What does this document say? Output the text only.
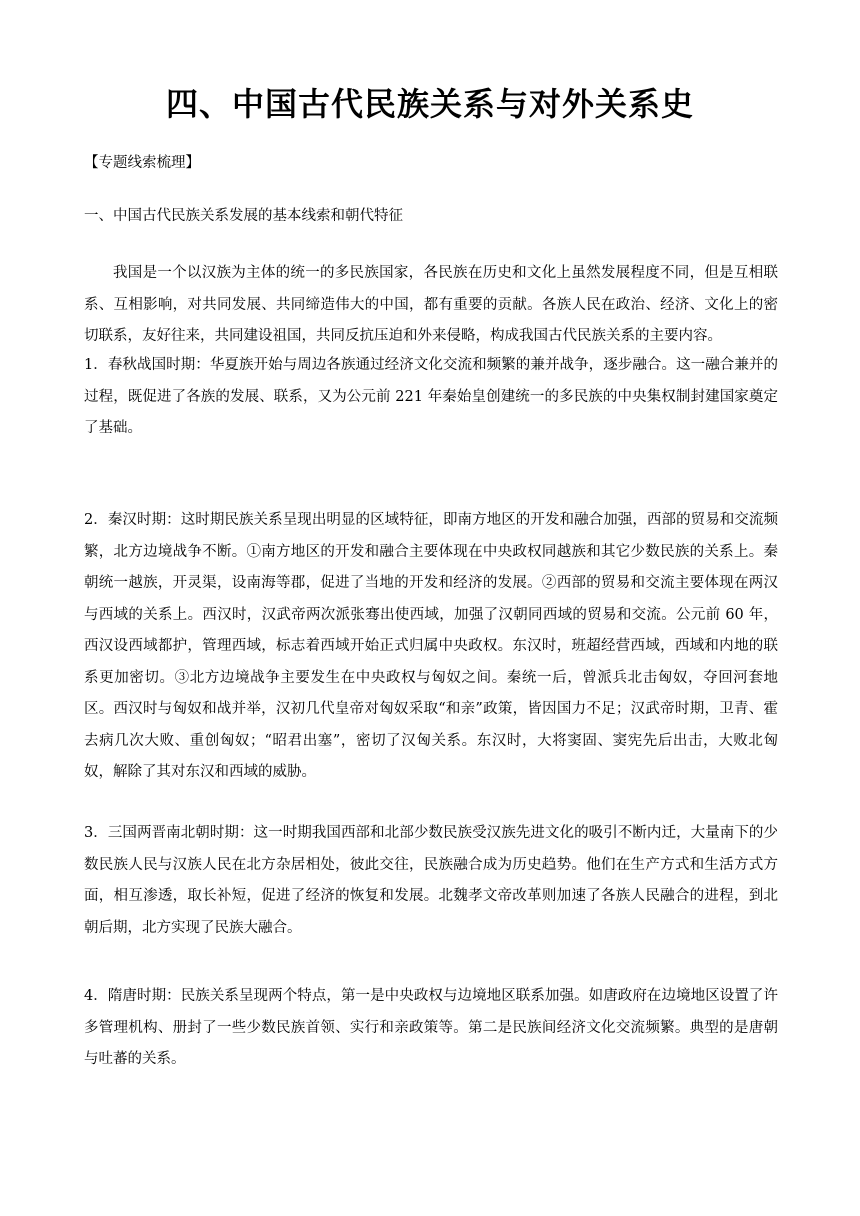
四、中国古代民族关系与对外关系史

【专题线索梳理】

一、中国古代民族关系发展的基本线索和朝代特征

我国是一个以汉族为主体的统一的多民族国家，各民族在历史和文化上虽然发展程度不同，但是互相联系、互相影响，对共同发展、共同缔造伟大的中国，都有重要的贡献。各族人民在政治、经济、文化上的密切联系，友好往来，共同建设祖国，共同反抗压迫和外来侵略，构成我国古代民族关系的主要内容。

1．春秋战国时期：华夏族开始与周边各族通过经济文化交流和频繁的兼并战争，逐步融合。这一融合兼并的过程，既促进了各族的发展、联系，又为公元前 221 年秦始皇创建统一的多民族的中央集权制封建国家奠定了基础。

2．秦汉时期：这时期民族关系呈现出明显的区域特征，即南方地区的开发和融合加强，西部的贸易和交流频繁，北方边境战争不断。①南方地区的开发和融合主要体现在中央政权同越族和其它少数民族的关系上。秦朝统一越族，开灵渠，设南海等郡，促进了当地的开发和经济的发展。②西部的贸易和交流主要体现在两汉与西域的关系上。西汉时，汉武帝两次派张骞出使西域，加强了汉朝同西域的贸易和交流。公元前 60 年，西汉设西域都护，管理西域，标志着西域开始正式归属中央政权。东汉时，班超经营西域，西域和内地的联系更加密切。③北方边境战争主要发生在中央政权与匈奴之间。秦统一后，曾派兵北击匈奴，夺回河套地区。西汉时与匈奴和战并举，汉初几代皇帝对匈奴采取“和亲”政策，皆因国力不足；汉武帝时期，卫青、霍去病几次大败、重创匈奴；“昭君出塞”，密切了汉匈关系。东汉时，大将窦固、窦宪先后出击，大败北匈奴，解除了其对东汉和西域的威胁。

3．三国两晋南北朝时期：这一时期我国西部和北部少数民族受汉族先进文化的吸引不断内迁，大量南下的少数民族人民与汉族人民在北方杂居相处，彼此交往，民族融合成为历史趋势。他们在生产方式和生活方式方面，相互渗透，取长补短，促进了经济的恢复和发展。北魏孝文帝改革则加速了各族人民融合的进程，到北朝后期，北方实现了民族大融合。

4．隋唐时期：民族关系呈现两个特点，第一是中央政权与边境地区联系加强。如唐政府在边境地区设置了许多管理机构、册封了一些少数民族首领、实行和亲政策等。第二是民族间经济文化交流频繁。典型的是唐朝与吐蕃的关系。
